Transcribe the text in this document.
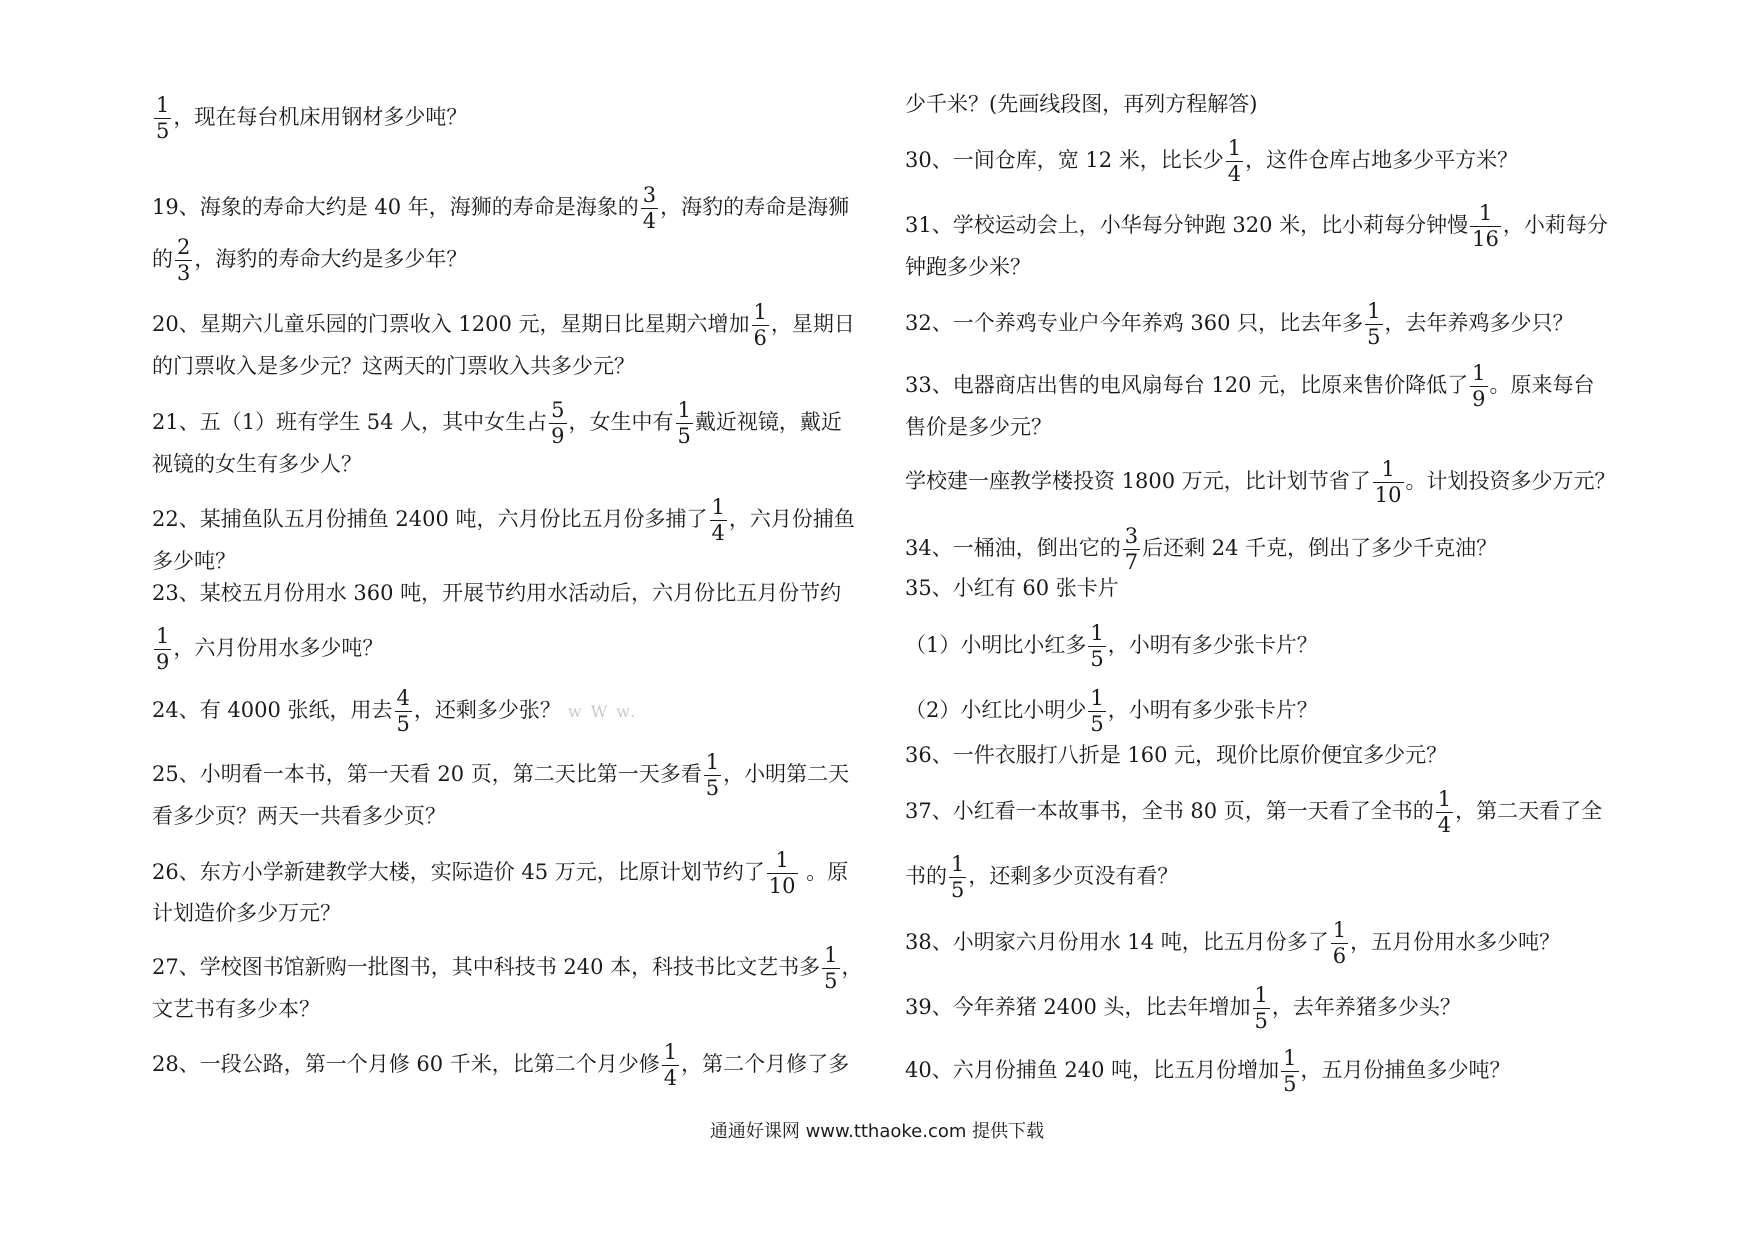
$\frac{1}{5}$ ，现在每台机床用钢材多少吨？
19、海象的寿命大约是 40 年，海狮的寿命是海象的 $\frac{3}{4}$ ，海豹的寿命是海狮
的 $\frac{2}{3}$ ，海豹的寿命大约是多少年？
20、星期六儿童乐园的门票收入 1200 元，星期日比星期六增加 $\frac{1}{6}$ ，星期日
的门票收入是多少元？这两天的门票收入共多少元？
21、五（1）班有学生 54 人，其中女生占 $\frac{5}{9}$ ，女生中有 $\frac{1}{5}$ 戴近视镜，戴近
视镜的女生有多少人？
22、某捕鱼队五月份捕鱼 2400 吨，六月份比五月份多捕了 $\frac{1}{4}$ ，六月份捕鱼
多少吨？
23、某校五月份用水 360 吨，开展节约用水活动后，六月份比五月份节约
$\frac{1}{9}$ ，六月份用水多少吨？
24、有 4000 张纸，用去 $\frac{4}{5}$ ，还剩多少张？ w W w.
25、小明看一本书，第一天看 20 页，第二天比第一天多看 $\frac{1}{5}$ ，小明第二天
看多少页？两天一共看多少页？
26、东方小学新建教学大楼，实际造价 45 万元，比原计划节约了 $\frac{1}{10}$ 。原
计划造价多少万元？
27、学校图书馆新购一批图书，其中科技书 240 本，科技书比文艺书多 $\frac{1}{5}$ ，
文艺书有多少本？
28、一段公路，第一个月修 60 千米，比第二个月少修 $\frac{1}{4}$ ，第二个月修了多
少千米？(先画线段图，再列方程解答)
30、一间仓库，宽 12 米，比长少 $\frac{1}{4}$ ，这件仓库占地多少平方米？
31、学校运动会上，小华每分钟跑 320 米，比小莉每分钟慢 $\frac{1}{16}$ ，小莉每分
钟跑多少米？
32、一个养鸡专业户今年养鸡 360 只，比去年多 $\frac{1}{5}$ ，去年养鸡多少只？
33、电器商店出售的电风扇每台 120 元，比原来售价降低了 $\frac{1}{9}$ 。原来每台
售价是多少元？
学校建一座教学楼投资 1800 万元，比计划节省了 $\frac{1}{10}$ 。计划投资多少万元？
34、一桶油，倒出它的 $\frac{3}{7}$ 后还剩 24 千克，倒出了多少千克油？
35、小红有 60 张卡片
（1）小明比小红多 $\frac{1}{5}$ ，小明有多少张卡片？
（2）小红比小明少 $\frac{1}{5}$ ，小明有多少张卡片？
36、一件衣服打八折是 160 元，现价比原价便宜多少元？
37、小红看一本故事书，全书 80 页，第一天看了全书的 $\frac{1}{4}$ ，第二天看了全
书的 $\frac{1}{5}$ ，还剩多少页没有看？
38、小明家六月份用水 14 吨，比五月份多了 $\frac{1}{6}$ ，五月份用水多少吨？
39、今年养猪 2400 头，比去年增加 $\frac{1}{5}$ ，去年养猪多少头？
40、六月份捕鱼 240 吨，比五月份增加 $\frac{1}{5}$ ，五月份捕鱼多少吨？
通通好课网 www.tthaoke.com 提供下载
